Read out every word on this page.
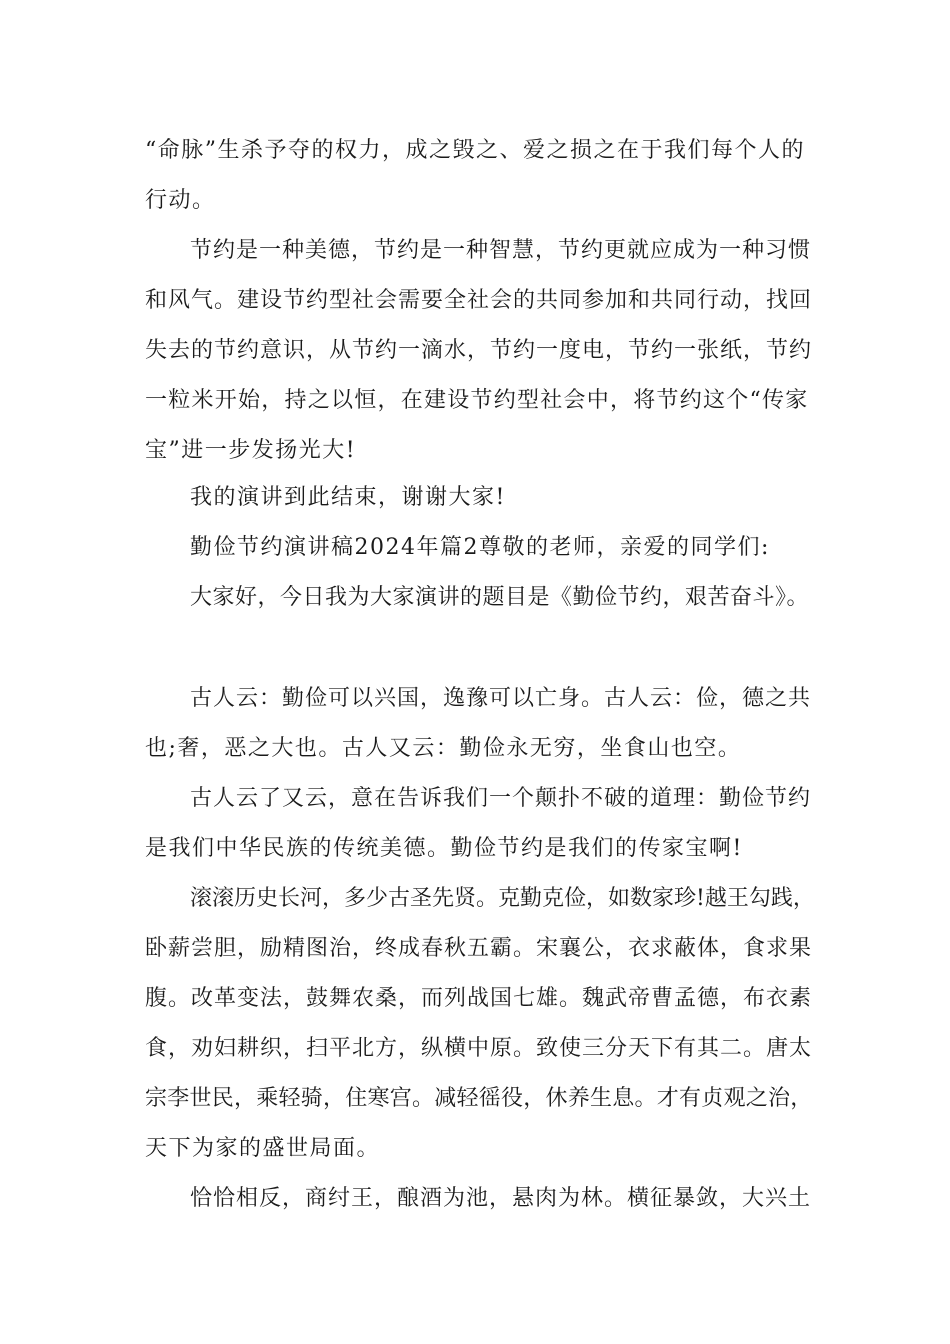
“命脉”生杀予夺的权力，成之毁之、爱之损之在于我们每个人的

行动。

节约是一种美德，节约是一种智慧，节约更就应成为一种习惯

和风气。建设节约型社会需要全社会的共同参加和共同行动，找回

失去的节约意识，从节约一滴水，节约一度电，节约一张纸，节约

一粒米开始，持之以恒，在建设节约型社会中，将节约这个“传家

宝”进一步发扬光大!

我的演讲到此结束，谢谢大家!

勤俭节约演讲稿2024年篇2尊敬的老师，亲爱的同学们:

大家好，今日我为大家演讲的题目是《勤俭节约，艰苦奋斗》。

古人云：勤俭可以兴国，逸豫可以亡身。古人云：俭，德之共

也;奢，恶之大也。古人又云：勤俭永无穷，坐食山也空。

古人云了又云，意在告诉我们一个颠扑不破的道理：勤俭节约

是我们中华民族的传统美德。勤俭节约是我们的传家宝啊!

滚滚历史长河，多少古圣先贤。克勤克俭，如数家珍!越王勾践，

卧薪尝胆，励精图治，终成春秋五霸。宋襄公，衣求蔽体，食求果

腹。改革变法，鼓舞农桑，而列战国七雄。魏武帝曹孟德，布衣素

食，劝妇耕织，扫平北方，纵横中原。致使三分天下有其二。唐太

宗李世民，乘轻骑，住寒宫。减轻徭役，休养生息。才有贞观之治，

天下为家的盛世局面。

恰恰相反，商纣王，酿酒为池，悬肉为林。横征暴敛，大兴土
